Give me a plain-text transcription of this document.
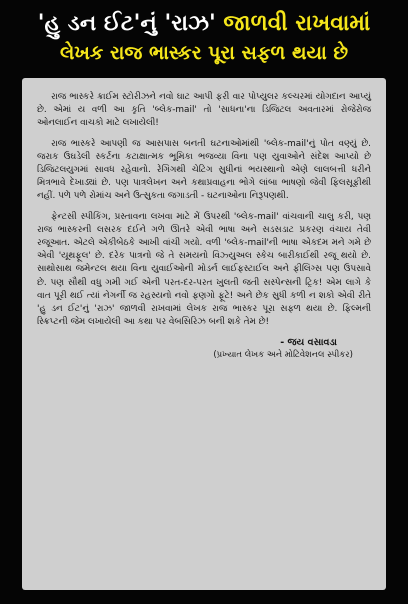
'હુ ડન ઈટ'નું 'રાઝ' જાળવી રાખવામાં
લેખક રાજ ભાસ્કર પૂરા સફળ થયા છે

રાજ ભાસ્કરે ક્રાઈમ સ્ટોરીઝને નવો ઘાટ આપી ફરી વાર પોપ્યુલર કલ્ચરમાં યોગદાન આપ્યું છે. એમાં ય વળી આ કૃતિ 'બ્લેક-mail' તો 'સાધના'ના ડિજિટલ અવતારમાં રોજેરોજ ઓનલાઈન વાચકો માટે લખાયેલી!

રાજ ભાસ્કરે આપણી જ આસપાસ બનતી ઘટનાઓમાંથી 'બ્લેક-mail'નું પોત વણ્યું છે. જરાક ઉઘડેલી સ્કર્ટના કટાક્ષાત્મક ભૂમિકા ભજવ્યા વિના પણ યુવાઓને સંદેશ આપ્યો છે ડિજિટલયુગમાં સાવધ રહેવાનો. રેગિંગથી ચેટિંગ સુધીનાં ભયસ્થાનો એણે લાલબત્તી ધરીને મિત્રભાવે દેખાડ્યાં છે. પણ પાત્રલેખન અને કથાપ્રવાહના ભોગે લાંબા ભાષણો જેવી ફિલસૂફીથી નહીં. પળે પળે રોમાંચ અને ઉત્સુકતા જગાડતી - ઘટનાઓના નિરૂપણથી.

ફેન્ટસી સ્પીકિંગ, પ્રસ્તાવના લખવા માટે મેં ઉપરથી 'બ્લેક-mail' વાંચવાની ચાલુ કરી, પણ રાજ ભાસ્કરની લસરક દઈને ગળે ઊતરે એવી ભાષા અને સડસડાટ પ્રકરણ વંચાય તેવી રજૂઆત. એટલે એકીબેઠકે આખી વાંચી ગયો. વળી 'બ્લેક-mail'ની ભાષા એકદમ મને ગમે છે એવી 'યૂથફૂલ' છે. દરેક પાત્રનો જે તે સમયનો વિઝ્યુઅલ સ્કેચ બારીકાઈથી રજૂ થયો છે. સાથોસાથ જમેન્ટલ થયા વિના યુવાઈઓની મોડર્ન લાઈફસ્ટાઈલ અને ફીલિંગ્સ પણ ઉપસાવે છે. પણ સૌથી વધુ ગમી ગઈ એની પરત-દર-પરત ખુલતી જતી સસ્પેન્સની ટ્રિક! એમ લાગે કે વાત પૂરી થઈ ત્યાં નેગર્ની જ રહસ્યનો નવો ફણગો ફૂટે! અને છેક સુધી કળી ન શકો એવી રીતે 'હુ ડન ઈટ'નું 'રાઝ' જાળવી રાખવામાં લેખક રાજ ભાસ્કર પૂરા સફળ થયા છે. ફિલ્મની સ્ક્રિપ્ટની જેમ લખાયેલી આ કથા પર વેબસિરિઝ બની શકે તેમ છે!

- જય વસાવડા
(પ્રખ્યાત લેખક અને મોટિવેશનલ સ્પીકર)
